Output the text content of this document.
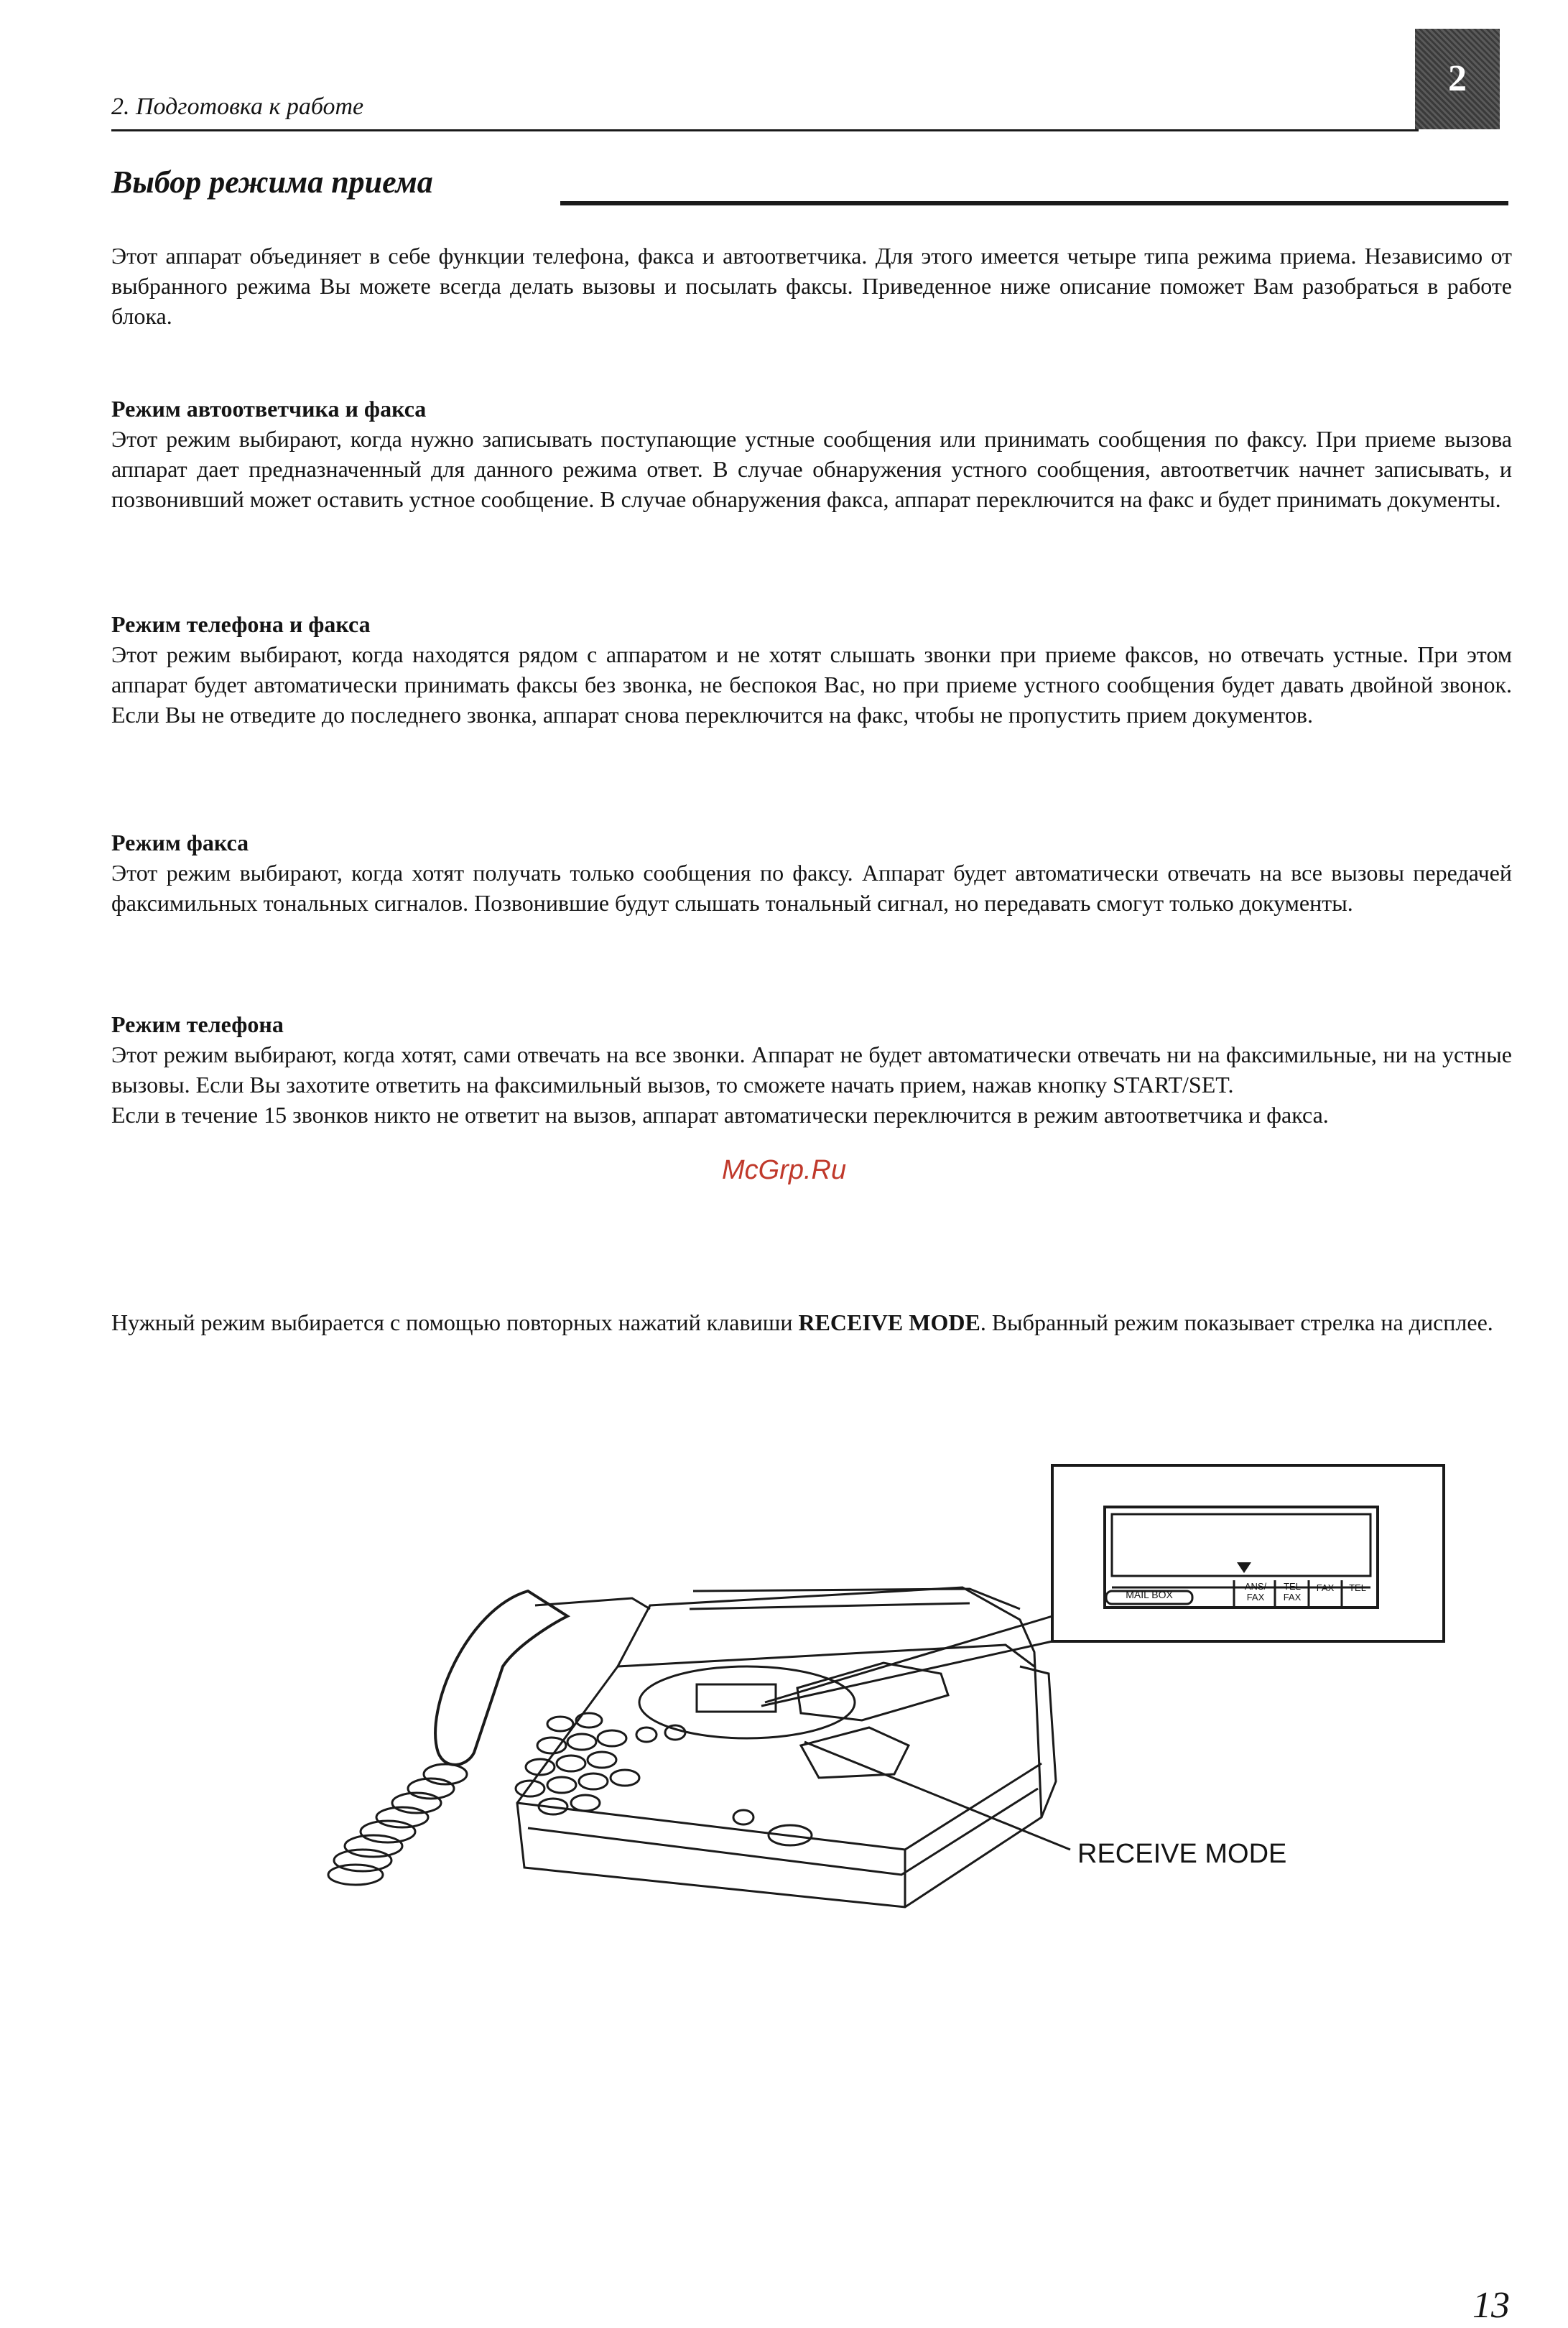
2. Подготовка к работе
2
Выбор режима приема
Этот аппарат объединяет в себе функции телефона, факса и автоответчика. Для этого имеется четыре типа режима приема. Независимо от выбранного режима Вы можете всегда делать вызовы и посылать факсы. Приведенное ниже описание поможет Вам разобраться в работе блока.
Режим автоответчика и факса
Этот режим выбирают, когда нужно записывать поступающие устные сообщения или принимать сообщения по факсу. При приеме вызова аппарат дает предназначенный для данного режима ответ. В случае обнаружения устного сообщения, автоответчик начнет записывать, и позвонивший может оставить устное сообщение. В случае обнаружения факса, аппарат переключится на факс и будет принимать документы.
Режим телефона и факса
Этот режим выбирают, когда находятся рядом с аппаратом и не хотят слышать звонки при приеме факсов, но отвечать устные. При этом аппарат будет автоматически принимать факсы без звонка, не беспокоя Вас, но при приеме устного сообщения будет давать двойной звонок. Если Вы не отведите до последнего звонка, аппарат снова переключится на факс, чтобы не пропустить прием документов.
Режим факса
Этот режим выбирают, когда хотят получать только сообщения по факсу. Аппарат будет автоматически отвечать на все вызовы передачей факсимильных тональных сигналов. Позвонившие будут слышать тональный сигнал, но передавать смогут только документы.
Режим телефона
Этот режим выбирают, когда хотят, сами отвечать на все звонки. Аппарат не будет автоматически отвечать ни на факсимильные, ни на устные вызовы. Если Вы захотите ответить на факсимильный вызов, то сможете начать прием, нажав кнопку START/SET.
Если в течение 15 звонков никто не ответит на вызов, аппарат автоматически переключится в режим автоответчика и факса.
McGrp.Ru
Нужный режим выбирается с помощью повторных нажатий клавиши RECEIVE MODE. Выбранный режим показывает стрелка на дисплее.
MAIL BOX
ANS/
FAX
TEL
FAX
FAX	TEL
RECEIVE MODE
13
